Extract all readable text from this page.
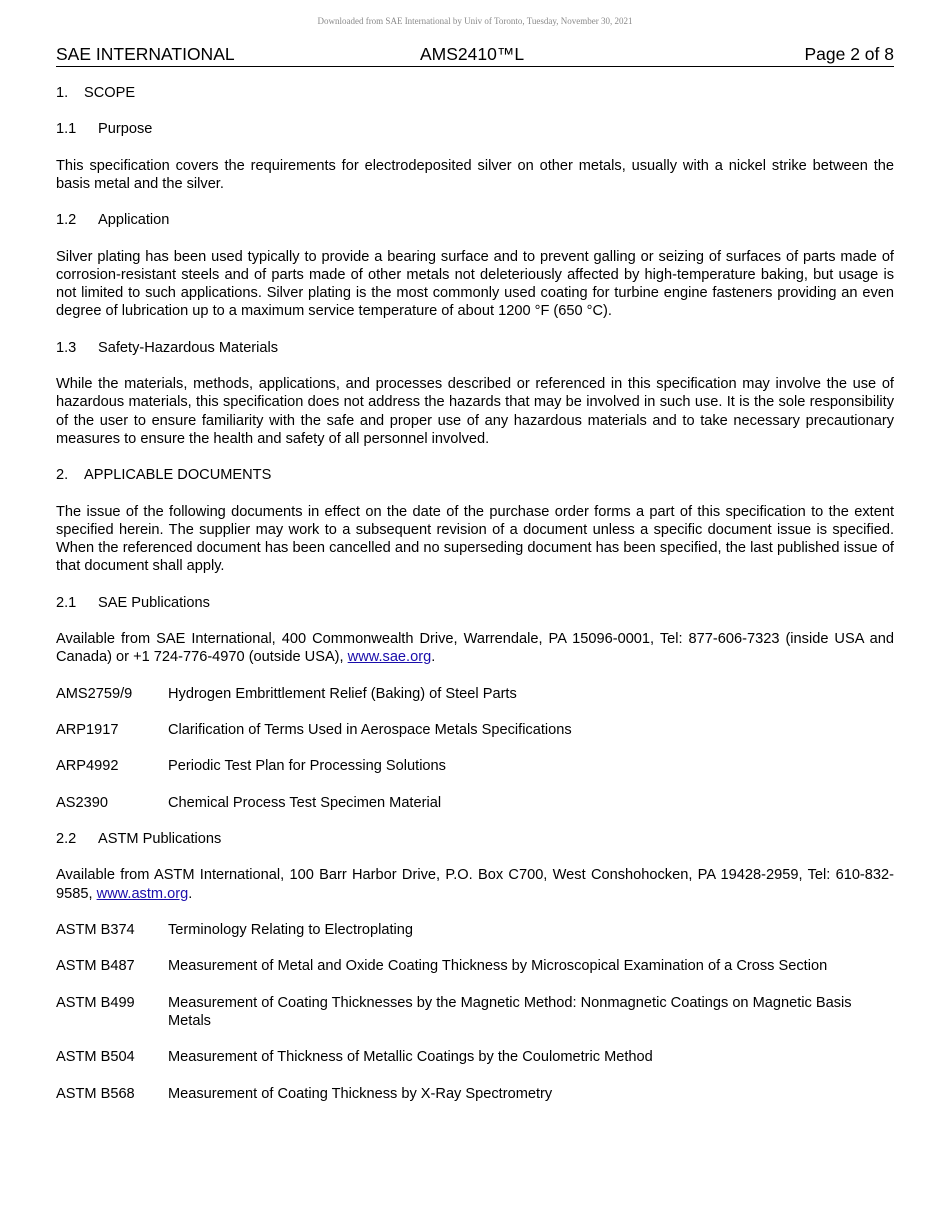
Downloaded from SAE International by Univ of Toronto, Tuesday, November 30, 2021
SAE INTERNATIONAL	AMS2410™L	Page 2 of 8
1.	SCOPE
1.1	Purpose
This specification covers the requirements for electrodeposited silver on other metals, usually with a nickel strike between the basis metal and the silver.
1.2	Application
Silver plating has been used typically to provide a bearing surface and to prevent galling or seizing of surfaces of parts made of corrosion-resistant steels and of parts made of other metals not deleteriously affected by high-temperature baking, but usage is not limited to such applications. Silver plating is the most commonly used coating for turbine engine fasteners providing an even degree of lubrication up to a maximum service temperature of about 1200 °F (650 °C).
1.3	Safety-Hazardous Materials
While the materials, methods, applications, and processes described or referenced in this specification may involve the use of hazardous materials, this specification does not address the hazards that may be involved in such use. It is the sole responsibility of the user to ensure familiarity with the safe and proper use of any hazardous materials and to take necessary precautionary measures to ensure the health and safety of all personnel involved.
2.	APPLICABLE DOCUMENTS
The issue of the following documents in effect on the date of the purchase order forms a part of this specification to the extent specified herein. The supplier may work to a subsequent revision of a document unless a specific document issue is specified. When the referenced document has been cancelled and no superseding document has been specified, the last published issue of that document shall apply.
2.1	SAE Publications
Available from SAE International, 400 Commonwealth Drive, Warrendale, PA 15096-0001, Tel: 877-606-7323 (inside USA and Canada) or +1 724-776-4970 (outside USA), www.sae.org.
AMS2759/9	Hydrogen Embrittlement Relief (Baking) of Steel Parts
ARP1917	Clarification of Terms Used in Aerospace Metals Specifications
ARP4992	Periodic Test Plan for Processing Solutions
AS2390	Chemical Process Test Specimen Material
2.2	ASTM Publications
Available from ASTM International, 100 Barr Harbor Drive, P.O. Box C700, West Conshohocken, PA 19428-2959, Tel: 610-832-9585, www.astm.org.
ASTM B374	Terminology Relating to Electroplating
ASTM B487	Measurement of Metal and Oxide Coating Thickness by Microscopical Examination of a Cross Section
ASTM B499	Measurement of Coating Thicknesses by the Magnetic Method: Nonmagnetic Coatings on Magnetic Basis Metals
ASTM B504	Measurement of Thickness of Metallic Coatings by the Coulometric Method
ASTM B568	Measurement of Coating Thickness by X-Ray Spectrometry
